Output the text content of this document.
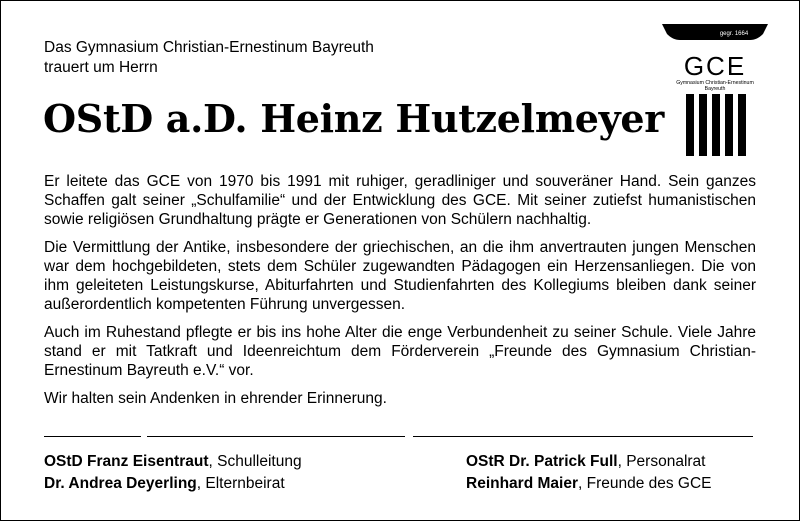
Das Gymnasium Christian-Ernestinum Bayreuth
trauert um Herrn
OStD a.D. Heinz Hutzelmeyer
gegr. 1664
GCE
Gymnasium Christian-Ernestinum
Bayreuth

Er leitete das GCE von 1970 bis 1991 mit ruhiger, geradliniger und souveräner Hand. Sein ganzes Schaffen galt seiner „Schulfamilie“ und der Entwicklung des GCE. Mit seiner zutiefst humanistischen sowie religiösen Grundhaltung prägte er Generationen von Schülern nachhaltig.

Die Vermittlung der Antike, insbesondere der griechischen, an die ihm anvertrauten jungen Menschen war dem hochgebildeten, stets dem Schüler zugewandten Pädagogen ein Herzensanliegen. Die von ihm geleiteten Leistungskurse, Abiturfahrten und Studienfahrten des Kollegiums bleiben dank seiner außerordentlich kompetenten Führung unvergessen.

Auch im Ruhestand pflegte er bis ins hohe Alter die enge Verbundenheit zu seiner Schule. Viele Jahre stand er mit Tatkraft und Ideenreichtum dem Förderverein „Freunde des Gymnasium Christian-Ernestinum Bayreuth e.V.“ vor.

Wir halten sein Andenken in ehrender Erinnerung.

OStD Franz Eisentraut, Schulleitung
Dr. Andrea Deyerling, Elternbeirat
OStR Dr. Patrick Full, Personalrat
Reinhard Maier, Freunde des GCE
